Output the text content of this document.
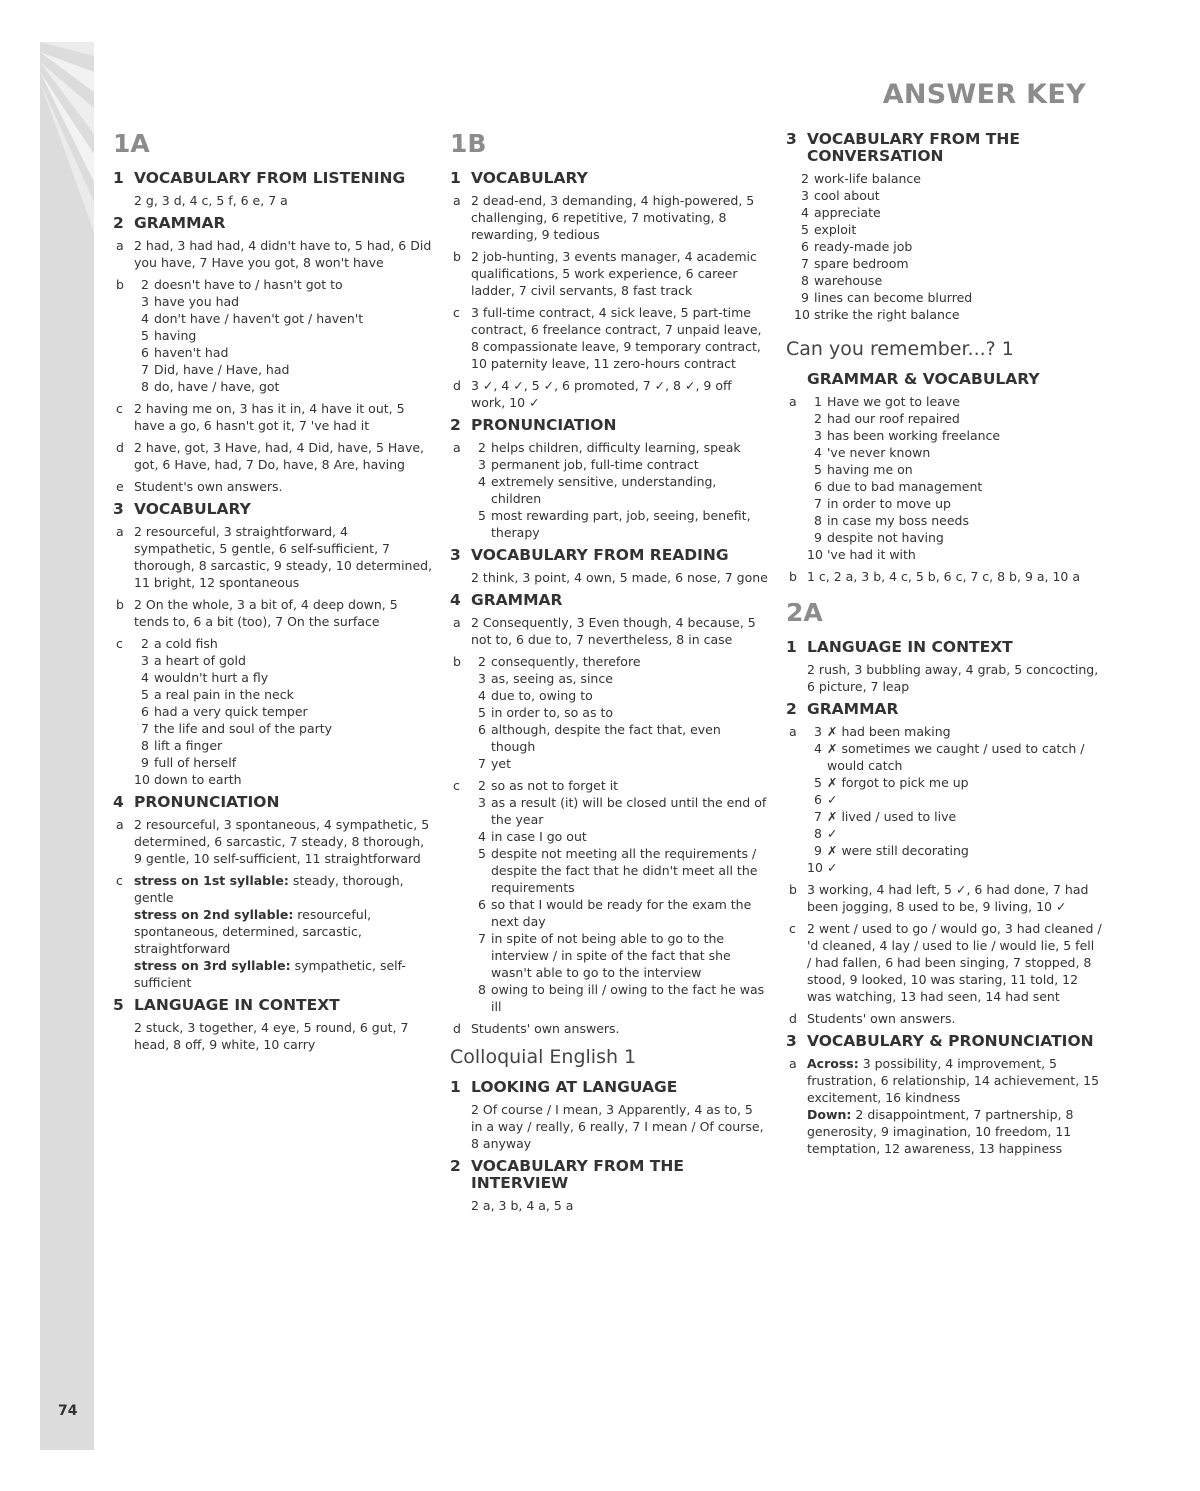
ANSWER KEY
74
1A
1 VOCABULARY FROM LISTENING
2 g, 3 d, 4 c, 5 f, 6 e, 7 a
2 GRAMMAR
a 2 had, 3 had had, 4 didn't have to, 5 had, 6 Did you have, 7 Have you got, 8 won't have
b	2 doesn't have to / hasn't got to
3 have you had
4 don't have / haven't got / haven't
5 having
6 haven't had
7 Did, have / Have, had
8 do, have / have, got
c 2 having me on, 3 has it in, 4 have it out, 5 have a go, 6 hasn't got it, 7 've had it
d 2 have, got, 3 Have, had, 4 Did, have, 5 Have, got, 6 Have, had, 7 Do, have, 8 Are, having
e Student's own answers.
3 VOCABULARY
a 2 resourceful, 3 straightforward, 4 sympathetic, 5 gentle, 6 self-sufficient, 7 thorough, 8 sarcastic, 9 steady, 10 determined, 11 bright, 12 spontaneous
b 2 On the whole, 3 a bit of, 4 deep down, 5 tends to, 6 a bit (too), 7 On the surface
c	2 a cold fish
3 a heart of gold
4 wouldn't hurt a fly
5 a real pain in the neck
6 had a very quick temper
7 the life and soul of the party
8 lift a finger
9 full of herself
10 down to earth
4 PRONUNCIATION
a 2 resourceful, 3 spontaneous, 4 sympathetic, 5 determined, 6 sarcastic, 7 steady, 8 thorough, 9 gentle, 10 self-sufficient, 11 straightforward
c stress on 1st syllable: steady, thorough, gentle
stress on 2nd syllable: resourceful, spontaneous, determined, sarcastic, straightforward
stress on 3rd syllable: sympathetic, self-sufficient
5 LANGUAGE IN CONTEXT
2 stuck, 3 together, 4 eye, 5 round, 6 gut, 7 head, 8 off, 9 white, 10 carry
1B
1 VOCABULARY
a 2 dead-end, 3 demanding, 4 high-powered, 5 challenging, 6 repetitive, 7 motivating, 8 rewarding, 9 tedious
b 2 job-hunting, 3 events manager, 4 academic qualifications, 5 work experience, 6 career ladder, 7 civil servants, 8 fast track
c 3 full-time contract, 4 sick leave, 5 part-time contract, 6 freelance contract, 7 unpaid leave, 8 compassionate leave, 9 temporary contract, 10 paternity leave, 11 zero-hours contract
d 3 ✓, 4 ✓, 5 ✓, 6 promoted, 7 ✓, 8 ✓, 9 off work, 10 ✓
2 PRONUNCIATION
a	2 helps children, difficulty learning, speak
3 permanent job, full-time contract
4 extremely sensitive, understanding, children
5 most rewarding part, job, seeing, benefit, therapy
3 VOCABULARY FROM READING
2 think, 3 point, 4 own, 5 made, 6 nose, 7 gone
4 GRAMMAR
a 2 Consequently, 3 Even though, 4 because, 5 not to, 6 due to, 7 nevertheless, 8 in case
b	2 consequently, therefore
3 as, seeing as, since
4 due to, owing to
5 in order to, so as to
6 although, despite the fact that, even though
7 yet
c	2 so as not to forget it
3 as a result (it) will be closed until the end of the year
4 in case I go out
5 despite not meeting all the requirements / despite the fact that he didn't meet all the requirements
6 so that I would be ready for the exam the next day
7 in spite of not being able to go to the interview / in spite of the fact that she wasn't able to go to the interview
8 owing to being ill / owing to the fact he was ill
d Students' own answers.
Colloquial English 1
1 LOOKING AT LANGUAGE
2 Of course / I mean, 3 Apparently, 4 as to, 5 in a way / really, 6 really, 7 I mean / Of course, 8 anyway
2 VOCABULARY FROM THE INTERVIEW
2 a, 3 b, 4 a, 5 a
3 VOCABULARY FROM THE CONVERSATION
2 work-life balance
3 cool about
4 appreciate
5 exploit
6 ready-made job
7 spare bedroom
8 warehouse
9 lines can become blurred
10 strike the right balance
Can you remember...? 1
GRAMMAR & VOCABULARY
a	1 Have we got to leave
2 had our roof repaired
3 has been working freelance
4 've never known
5 having me on
6 due to bad management
7 in order to move up
8 in case my boss needs
9 despite not having
10 've had it with
b 1 c, 2 a, 3 b, 4 c, 5 b, 6 c, 7 c, 8 b, 9 a, 10 a
2A
1 LANGUAGE IN CONTEXT
2 rush, 3 bubbling away, 4 grab, 5 concocting, 6 picture, 7 leap
2 GRAMMAR
a	3 ✗ had been making
4 ✗ sometimes we caught / used to catch / would catch
5 ✗ forgot to pick me up
6 ✓
7 ✗ lived / used to live
8 ✓
9 ✗ were still decorating
10 ✓
b 3 working, 4 had left, 5 ✓, 6 had done, 7 had been jogging, 8 used to be, 9 living, 10 ✓
c 2 went / used to go / would go, 3 had cleaned / 'd cleaned, 4 lay / used to lie / would lie, 5 fell / had fallen, 6 had been singing, 7 stopped, 8 stood, 9 looked, 10 was staring, 11 told, 12 was watching, 13 had seen, 14 had sent
d Students' own answers.
3 VOCABULARY & PRONUNCIATION
a Across: 3 possibility, 4 improvement, 5 frustration, 6 relationship, 14 achievement, 15 excitement, 16 kindness
Down: 2 disappointment, 7 partnership, 8 generosity, 9 imagination, 10 freedom, 11 temptation, 12 awareness, 13 happiness
